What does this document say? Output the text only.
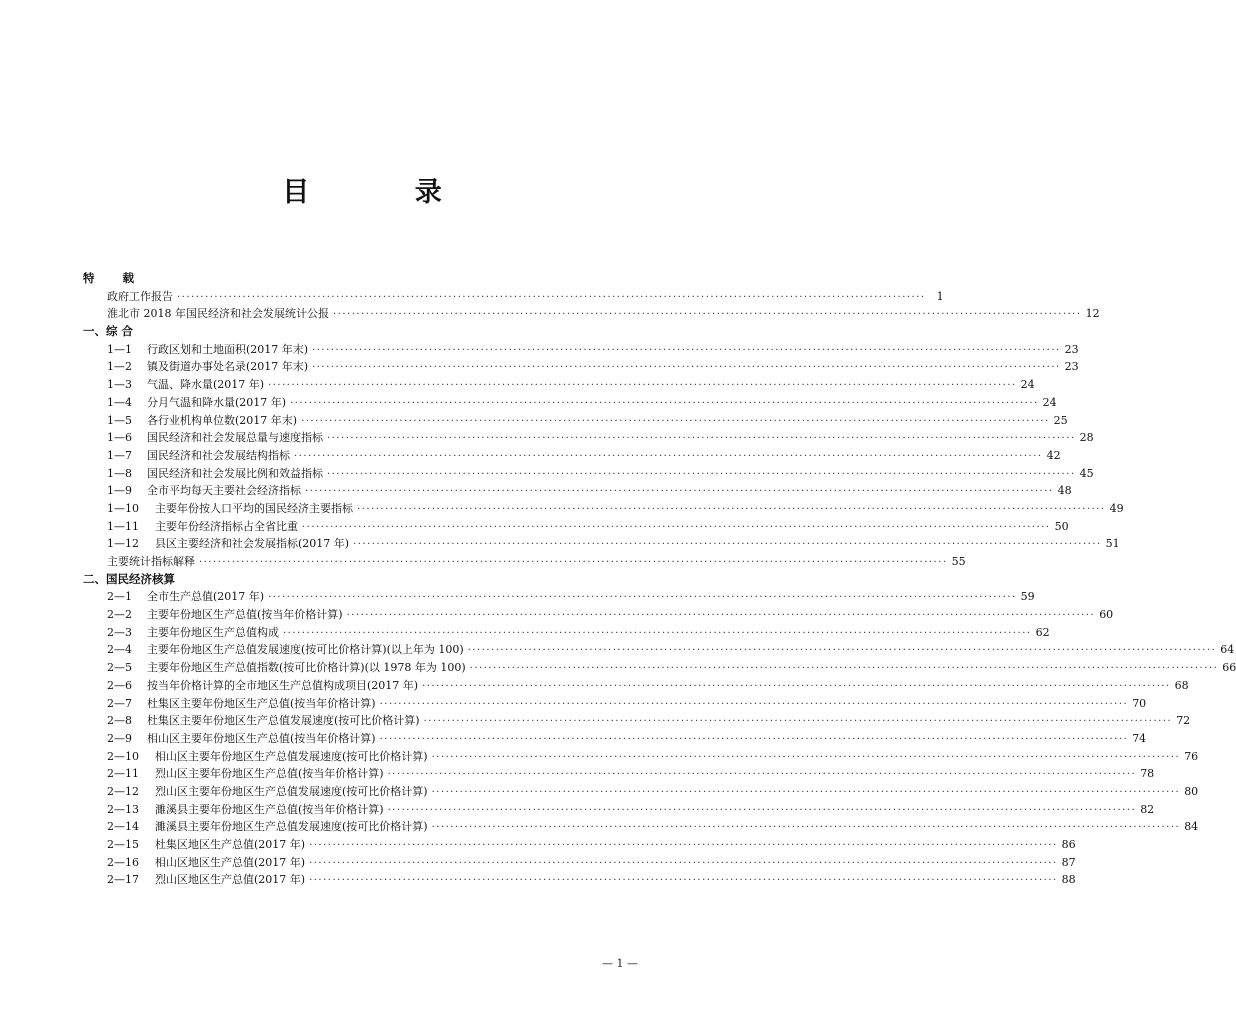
目 录
特 载
政府工作报告 ································································································································································	1
淮北市 2018 年国民经济和社会发展统计公报 ································································································································································ 12
一、综 合
1—1	行政区划和土地面积(2017 年末) ································································································································································ 23
1—2	镇及街道办事处名录(2017 年末) ································································································································································ 23
1—3	气温、降水量(2017 年) ································································································································································ 24
1—4	分月气温和降水量(2017 年) ································································································································································ 24
1—5	各行业机构单位数(2017 年末) ································································································································································ 25
1—6	国民经济和社会发展总量与速度指标 ································································································································································ 28
1—7	国民经济和社会发展结构指标 ································································································································································ 42
1—8	国民经济和社会发展比例和效益指标 ································································································································································ 45
1—9	全市平均每天主要社会经济指标 ································································································································································ 48
1—10	主要年份按人口平均的国民经济主要指标 ································································································································································ 49
1—11	主要年份经济指标占全省比重 ································································································································································ 50
1—12	县区主要经济和社会发展指标(2017 年) ································································································································································ 51
主要统计指标解释 ································································································································································ 55
二、国民经济核算
2—1	全市生产总值(2017 年) ································································································································································ 59
2—2	主要年份地区生产总值(按当年价格计算) ································································································································································ 60
2—3	主要年份地区生产总值构成 ································································································································································ 62
2—4	主要年份地区生产总值发展速度(按可比价格计算)(以上年为 100) ································································································································································ 64
2—5	主要年份地区生产总值指数(按可比价格计算)(以 1978 年为 100) ································································································································································ 66
2—6	按当年价格计算的全市地区生产总值构成项目(2017 年) ································································································································································ 68
2—7	杜集区主要年份地区生产总值(按当年价格计算) ································································································································································ 70
2—8	杜集区主要年份地区生产总值发展速度(按可比价格计算) ································································································································································ 72
2—9	相山区主要年份地区生产总值(按当年价格计算) ································································································································································ 74
2—10	相山区主要年份地区生产总值发展速度(按可比价格计算) ································································································································································ 76
2—11	烈山区主要年份地区生产总值(按当年价格计算) ································································································································································ 78
2—12	烈山区主要年份地区生产总值发展速度(按可比价格计算) ································································································································································ 80
2—13	濉溪县主要年份地区生产总值(按当年价格计算) ································································································································································ 82
2—14	濉溪县主要年份地区生产总值发展速度(按可比价格计算) ································································································································································ 84
2—15	杜集区地区生产总值(2017 年) ································································································································································ 86
2—16	相山区地区生产总值(2017 年) ································································································································································ 87
2—17	烈山区地区生产总值(2017 年) ································································································································································ 88
— 1 —
